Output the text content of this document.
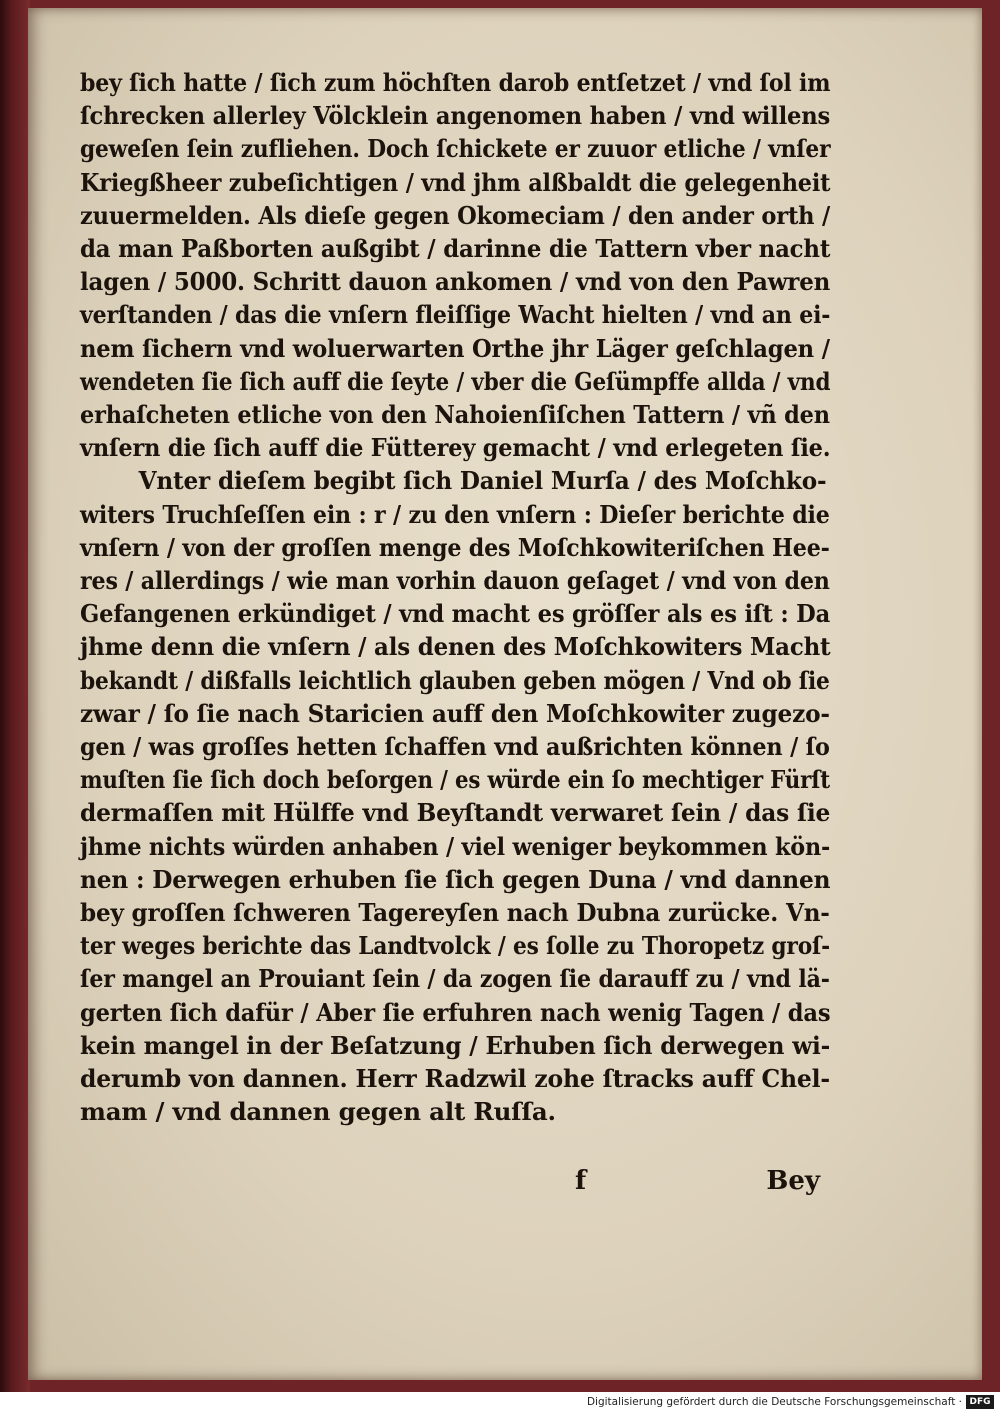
bey ſich hatte / ſich zum höchſten darob entſetzet / vnd ſol im
ſchrecken allerley Völcklein angenomen haben / vnd willens
geweſen ſein zufliehen. Doch ſchickete er zuuor etliche / vnſer
Kriegßheer zubeſichtigen / vnd jhm alßbaldt die gelegenheit
zuuermelden. Als dieſe gegen Okomeciam / den ander orth /
da man Paßborten außgibt / darinne die Tattern vber nacht
lagen / 5000. Schritt dauon ankomen / vnd von den Pawren
verſtanden / das die vnſern fleiſſige Wacht hielten / vnd an ei-
nem ſichern vnd woluerwarten Orthe jhr Läger geſchlagen /
wendeten ſie ſich auff die ſeyte / vber die Geſümpffe allda / vnd
erhaſcheten etliche von den Nahoienſiſchen Tattern / vñ den
vnſern die ſich auff die Fütterey gemacht / vnd erlegeten ſie.
Vnter dieſem begibt ſich Daniel Murſa / des Moſchko-
witers Truchſeſſen ein : r / zu den vnſern : Dieſer berichte die
vnſern / von der groſſen menge des Moſchkowiteriſchen Hee-
res / allerdings / wie man vorhin dauon geſaget / vnd von den
Gefangenen erkündiget / vnd macht es gröſſer als es iſt : Da
jhme denn die vnſern / als denen des Moſchkowiters Macht
bekandt / dißfalls leichtlich glauben geben mögen / Vnd ob ſie
zwar / ſo ſie nach Staricien auff den Moſchkowiter zugezo-
gen / was groſſes hetten ſchaffen vnd außrichten können / ſo
muſten ſie ſich doch beſorgen / es würde ein ſo mechtiger Fürſt
dermaſſen mit Hülffe vnd Beyſtandt verwaret ſein / das ſie
jhme nichts würden anhaben / viel weniger beykommen kön-
nen : Derwegen erhuben ſie ſich gegen Duna / vnd dannen
bey groſſen ſchweren Tagereyſen nach Dubna zurücke. Vn-
ter weges berichte das Landtvolck / es ſolle zu Thoropetz groſ-
ſer mangel an Prouiant ſein / da zogen ſie darauff zu / vnd lä-
gerten ſich dafür / Aber ſie erfuhren nach wenig Tagen / das
kein mangel in der Beſatzung / Erhuben ſich derwegen wi-
derumb von dannen. Herr Radzwil zohe ſtracks auff Chel-
mam / vnd dannen gegen alt Ruſſa.
f	Bey
Digitalisierung gefördert durch die Deutsche Forschungsgemeinschaft · DFG
